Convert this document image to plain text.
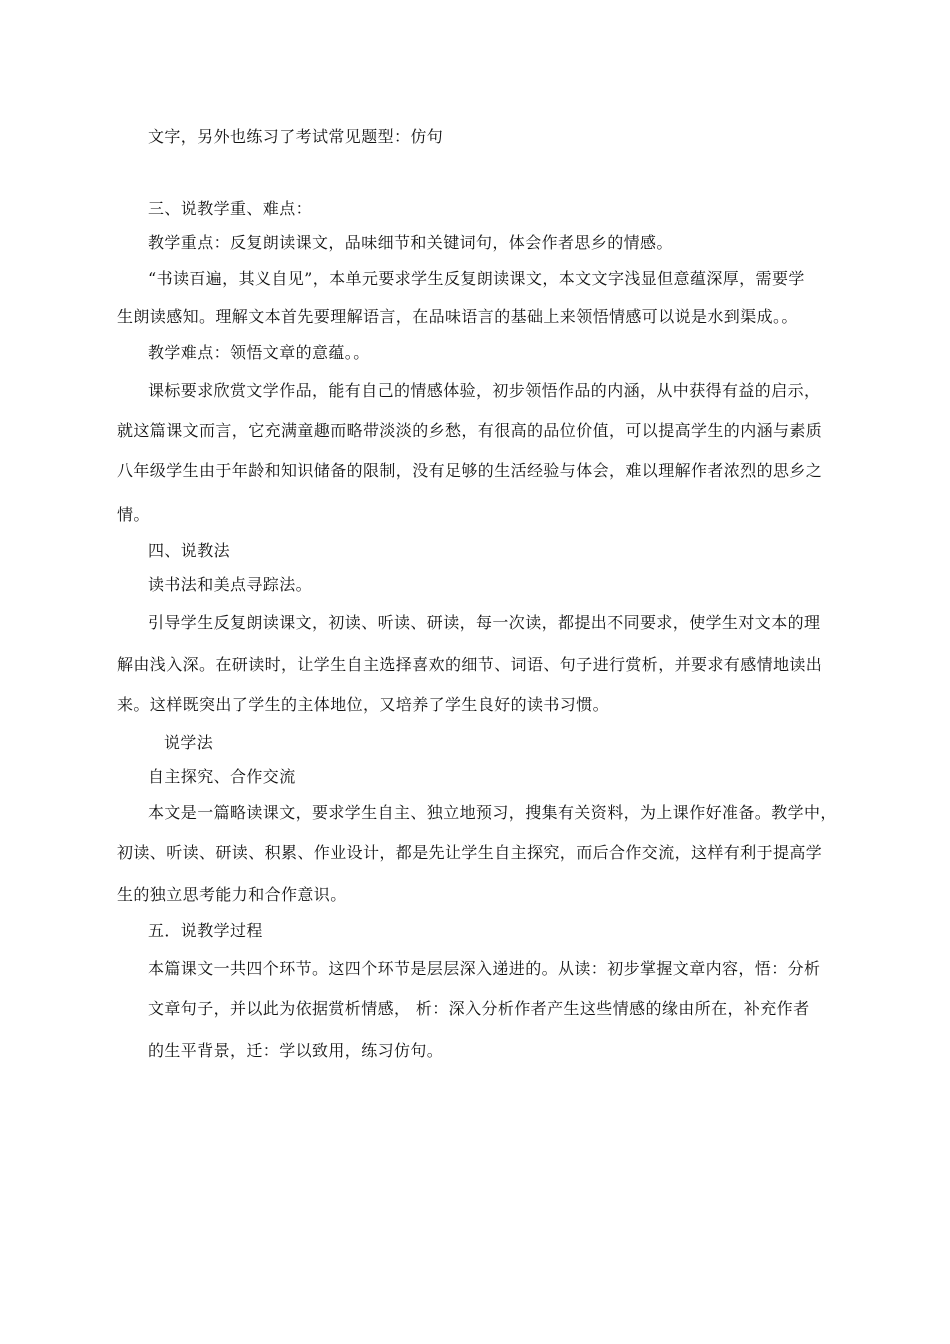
文字，另外也练习了考试常见题型：仿句
三、说教学重、难点：
教学重点：反复朗读课文，品味细节和关键词句，体会作者思乡的情感。
“书读百遍，其义自见”，本单元要求学生反复朗读课文，本文文字浅显但意蕴深厚，需要学
生朗读感知。理解文本首先要理解语言，在品味语言的基础上来领悟情感可以说是水到渠成。。
教学难点：领悟文章的意蕴。。
课标要求欣赏文学作品，能有自己的情感体验，初步领悟作品的内涵，从中获得有益的启示，
就这篇课文而言，它充满童趣而略带淡淡的乡愁，有很高的品位价值，可以提高学生的内涵与素质
八年级学生由于年龄和知识储备的限制，没有足够的生活经验与体会，难以理解作者浓烈的思乡之
情。
四、说教法
读书法和美点寻踪法。
引导学生反复朗读课文，初读、听读、研读，每一次读，都提出不同要求，使学生对文本的理
解由浅入深。在研读时，让学生自主选择喜欢的细节、词语、句子进行赏析，并要求有感情地读出
来。这样既突出了学生的主体地位，又培养了学生良好的读书习惯。
说学法
自主探究、合作交流
本文是一篇略读课文，要求学生自主、独立地预习，搜集有关资料，为上课作好准备。教学中，
初读、听读、研读、积累、作业设计，都是先让学生自主探究，而后合作交流，这样有利于提高学
生的独立思考能力和合作意识。
五．说教学过程
本篇课文一共四个环节。这四个环节是层层深入递进的。从读：初步掌握文章内容，悟：分析
文章句子，并以此为依据赏析情感， 析：深入分析作者产生这些情感的缘由所在，补充作者
的生平背景，迁：学以致用，练习仿句。
